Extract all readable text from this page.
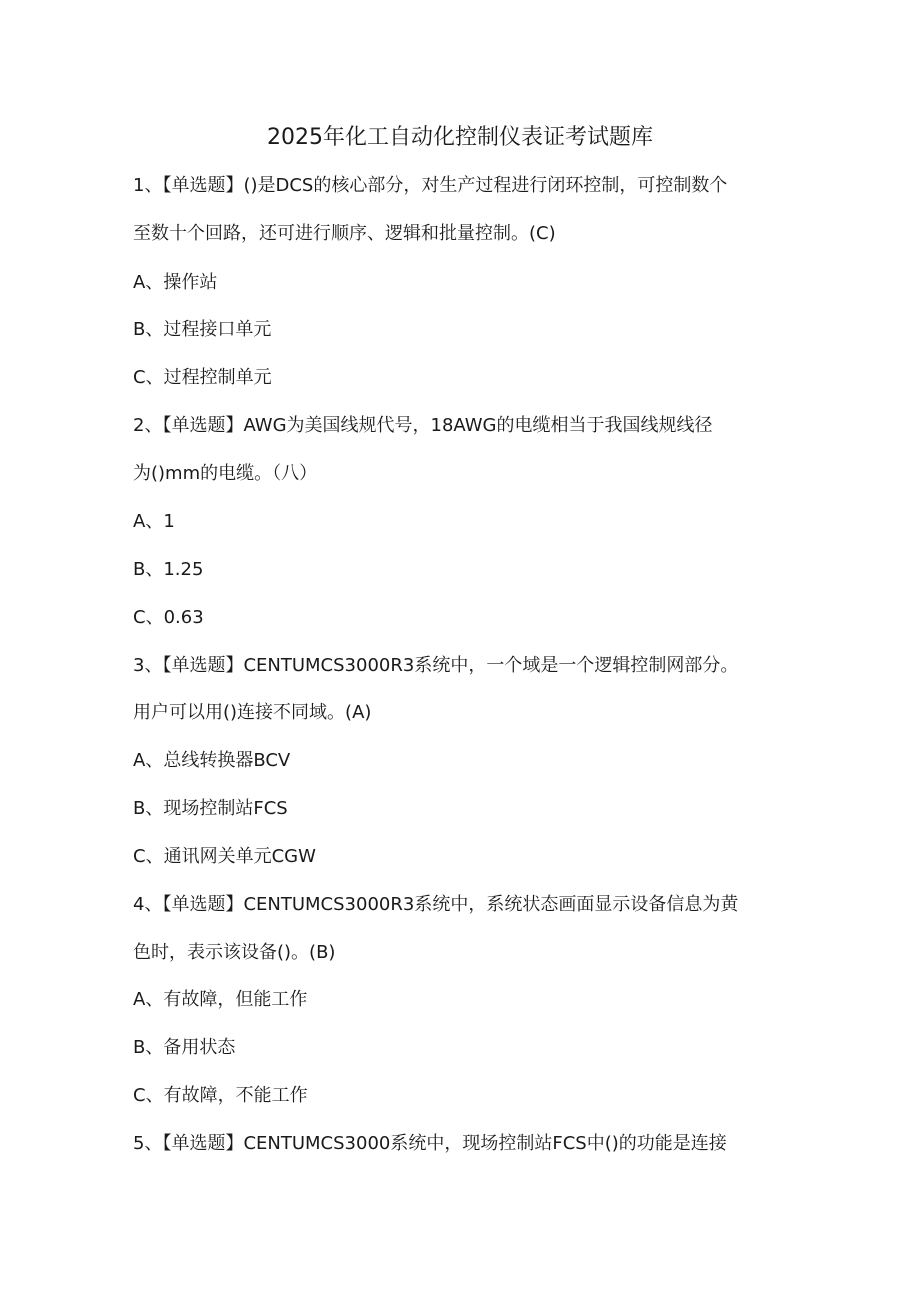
2025年化工自动化控制仪表证考试题库
1、【单选题】()是DCS的核心部分，对生产过程进行闭环控制，可控制数个
至数十个回路，还可进行顺序、逻辑和批量控制。(C)
A、操作站
B、过程接口单元
C、过程控制单元
2、【单选题】AWG为美国线规代号，18AWG的电缆相当于我国线规线径
为()mm的电缆。（八）
A、1
B、1.25
C、0.63
3、【单选题】CENTUMCS3000R3系统中，一个域是一个逻辑控制网部分。
用户可以用()连接不同域。(A)
A、总线转换器BCV
B、现场控制站FCS
C、通讯网关单元CGW
4、【单选题】CENTUMCS3000R3系统中，系统状态画面显示设备信息为黄
色时，表示该设备()。(B)
A、有故障，但能工作
B、备用状态
C、有故障，不能工作
5、【单选题】CENTUMCS3000系统中，现场控制站FCS中()的功能是连接
